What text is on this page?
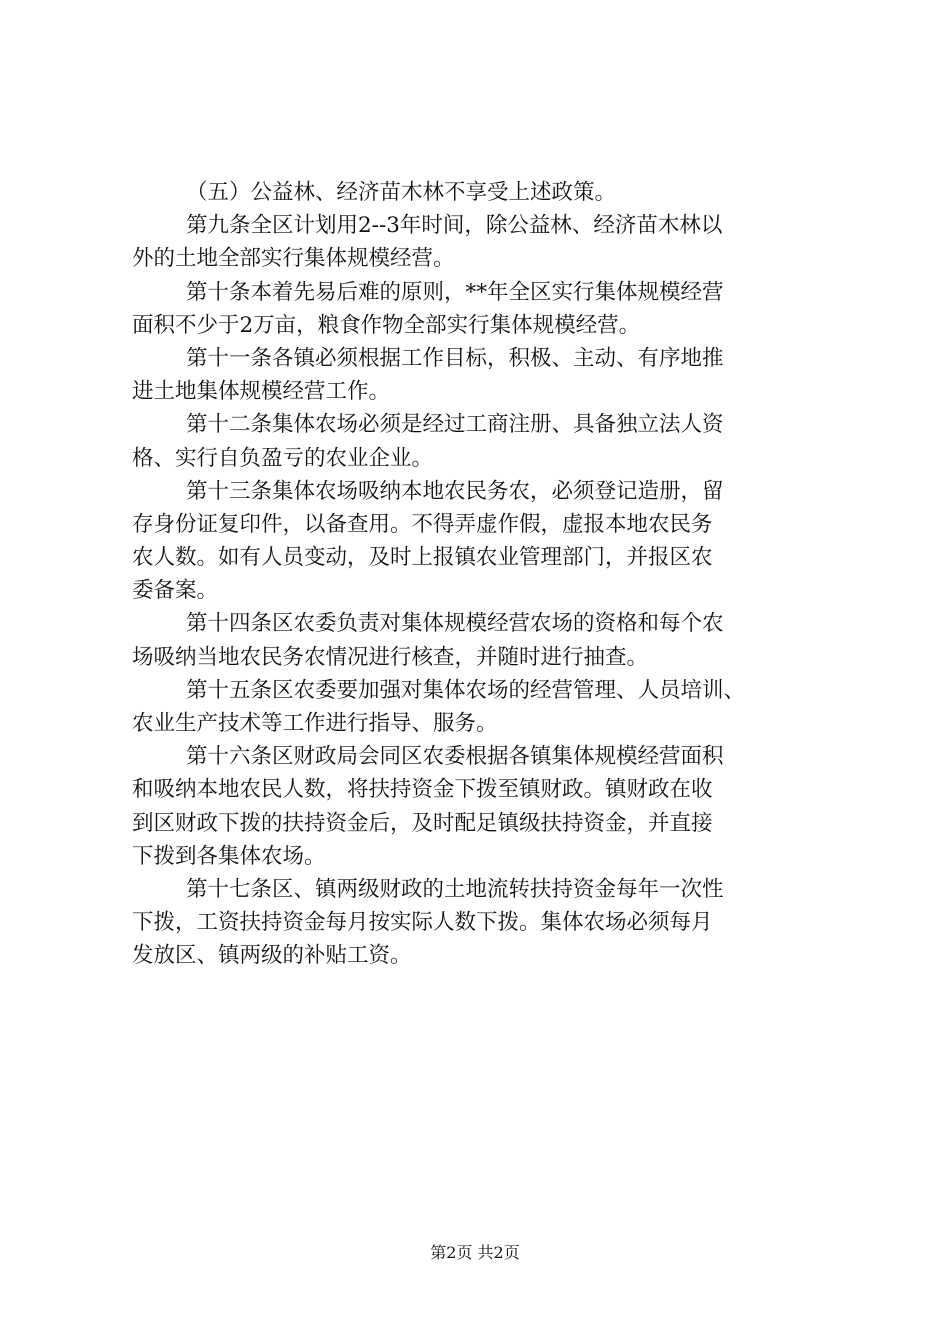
（五）公益林、经济苗木林不享受上述政策。
第九条全区计划用2--3年时间，除公益林、经济苗木林以
外的土地全部实行集体规模经营。
第十条本着先易后难的原则，**年全区实行集体规模经营
面积不少于2万亩，粮食作物全部实行集体规模经营。
第十一条各镇必须根据工作目标，积极、主动、有序地推
进土地集体规模经营工作。
第十二条集体农场必须是经过工商注册、具备独立法人资
格、实行自负盈亏的农业企业。
第十三条集体农场吸纳本地农民务农，必须登记造册，留
存身份证复印件，以备查用。不得弄虚作假，虚报本地农民务
农人数。如有人员变动，及时上报镇农业管理部门，并报区农
委备案。
第十四条区农委负责对集体规模经营农场的资格和每个农
场吸纳当地农民务农情况进行核查，并随时进行抽查。
第十五条区农委要加强对集体农场的经营管理、人员培训、
农业生产技术等工作进行指导、服务。
第十六条区财政局会同区农委根据各镇集体规模经营面积
和吸纳本地农民人数，将扶持资金下拨至镇财政。镇财政在收
到区财政下拨的扶持资金后，及时配足镇级扶持资金，并直接
下拨到各集体农场。
第十七条区、镇两级财政的土地流转扶持资金每年一次性
下拨，工资扶持资金每月按实际人数下拨。集体农场必须每月
发放区、镇两级的补贴工资。
第2页 共2页
